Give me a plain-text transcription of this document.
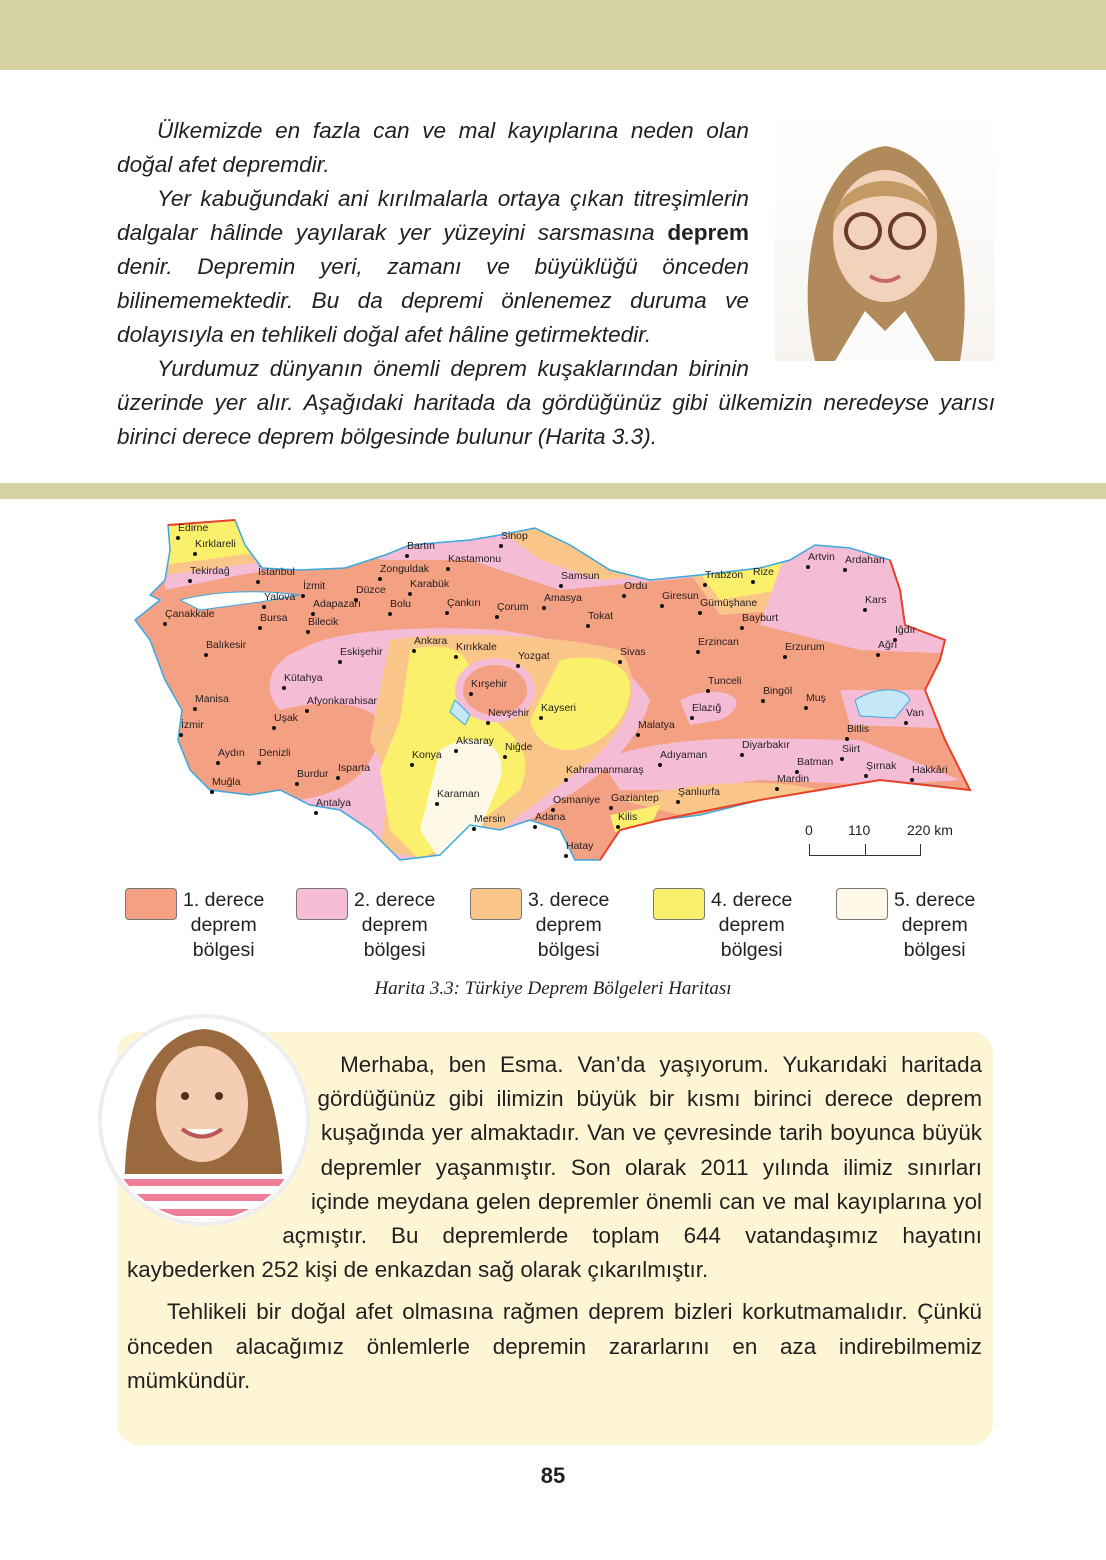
Ülkemizde en fazla can ve mal kayıplarına neden olan doğal afet depremdir.

Yer kabuğundaki ani kırılmalarla ortaya çıkan titreşimlerin dalgalar hâlinde yayılarak yer yüzeyini sarsmasına deprem denir. Depremin yeri, zamanı ve büyüklüğü önceden bilinememektedir. Bu da depremi önlenemez duruma ve dolayısıyla en tehlikeli doğal afet hâline getirmektedir.

Yurdumuz dünyanın önemli deprem kuşaklarından birinin üzerinde yer alır. Aşağıdaki haritada da gördüğünüz gibi ülkemizin neredeyse yarısı birinci derece deprem bölgesinde bulunur (Harita 3.3).

Edirne
Kırklareli
Tekirdağ	İstanbul
İzmit
Yalova
Düzce
Adapazarı	Bolu
Bursa Bilecik
Çanakkale
Zonguldak
Bartın
Karabük
Kastamonu
Sinop
Çankırı Çorum
Amasya
Samsun
Tokat
Ordu
Giresun
Trabzon Rize
Artvin Ardahan
Gümüşhane
Bayburt
Kars
Iğdır
Ağrı
Erzincan	Erzurum
Balıkesir
Eskişehir
Ankara Kırıkkale
Yozgat	Sivas
Kütahya	Kırşehir	Tunceli
Bingöl
Muş
Van
Manisa	Afyonkarahisar
Kayseri
Nevşehir	Elazığ
Malatya	Bitlis
Uşak
İzmir
Aksaray Niğde	Diyarbakır	Siirt
Aydın Denizli	Konya	Adıyaman
Batman	Şırnak Hakkâri
Isparta
Burdur	Kahramanmaraş
Mardin
Muğla
Karaman	Şanlıurfa
Osmaniye Gaziantep
Antalya
Mersin	Adana	Kilis
Hatay
0	110	220 km
1. derece
deprem
bölgesi
2. derece
deprem
bölgesi
3. derece
deprem
bölgesi
4. derece
deprem
bölgesi
5. derece
deprem
bölgesi
Harita 3.3: Türkiye Deprem Bölgeleri Haritası

Merhaba, ben Esma. Van’da yaşıyorum. Yukarıdaki haritada gördüğünüz gibi ilimizin büyük bir kısmı birinci derece deprem kuşağında yer almaktadır. Van ve çevresinde tarih boyunca büyük depremler yaşanmıştır. Son olarak 2011 yılında ilimiz sınırları içinde meydana gelen depremler önemli can ve mal kayıplarına yol açmıştır. Bu depremlerde toplam 644 vatandaşımız hayatını kaybederken 252 kişi de enkazdan sağ olarak çıkarılmıştır.

Tehlikeli bir doğal afet olmasına rağmen deprem bizleri korkutmamalıdır. Çünkü önceden alacağımız önlemlerle depremin zararlarını en aza indirebilmemiz mümkündür.

85
